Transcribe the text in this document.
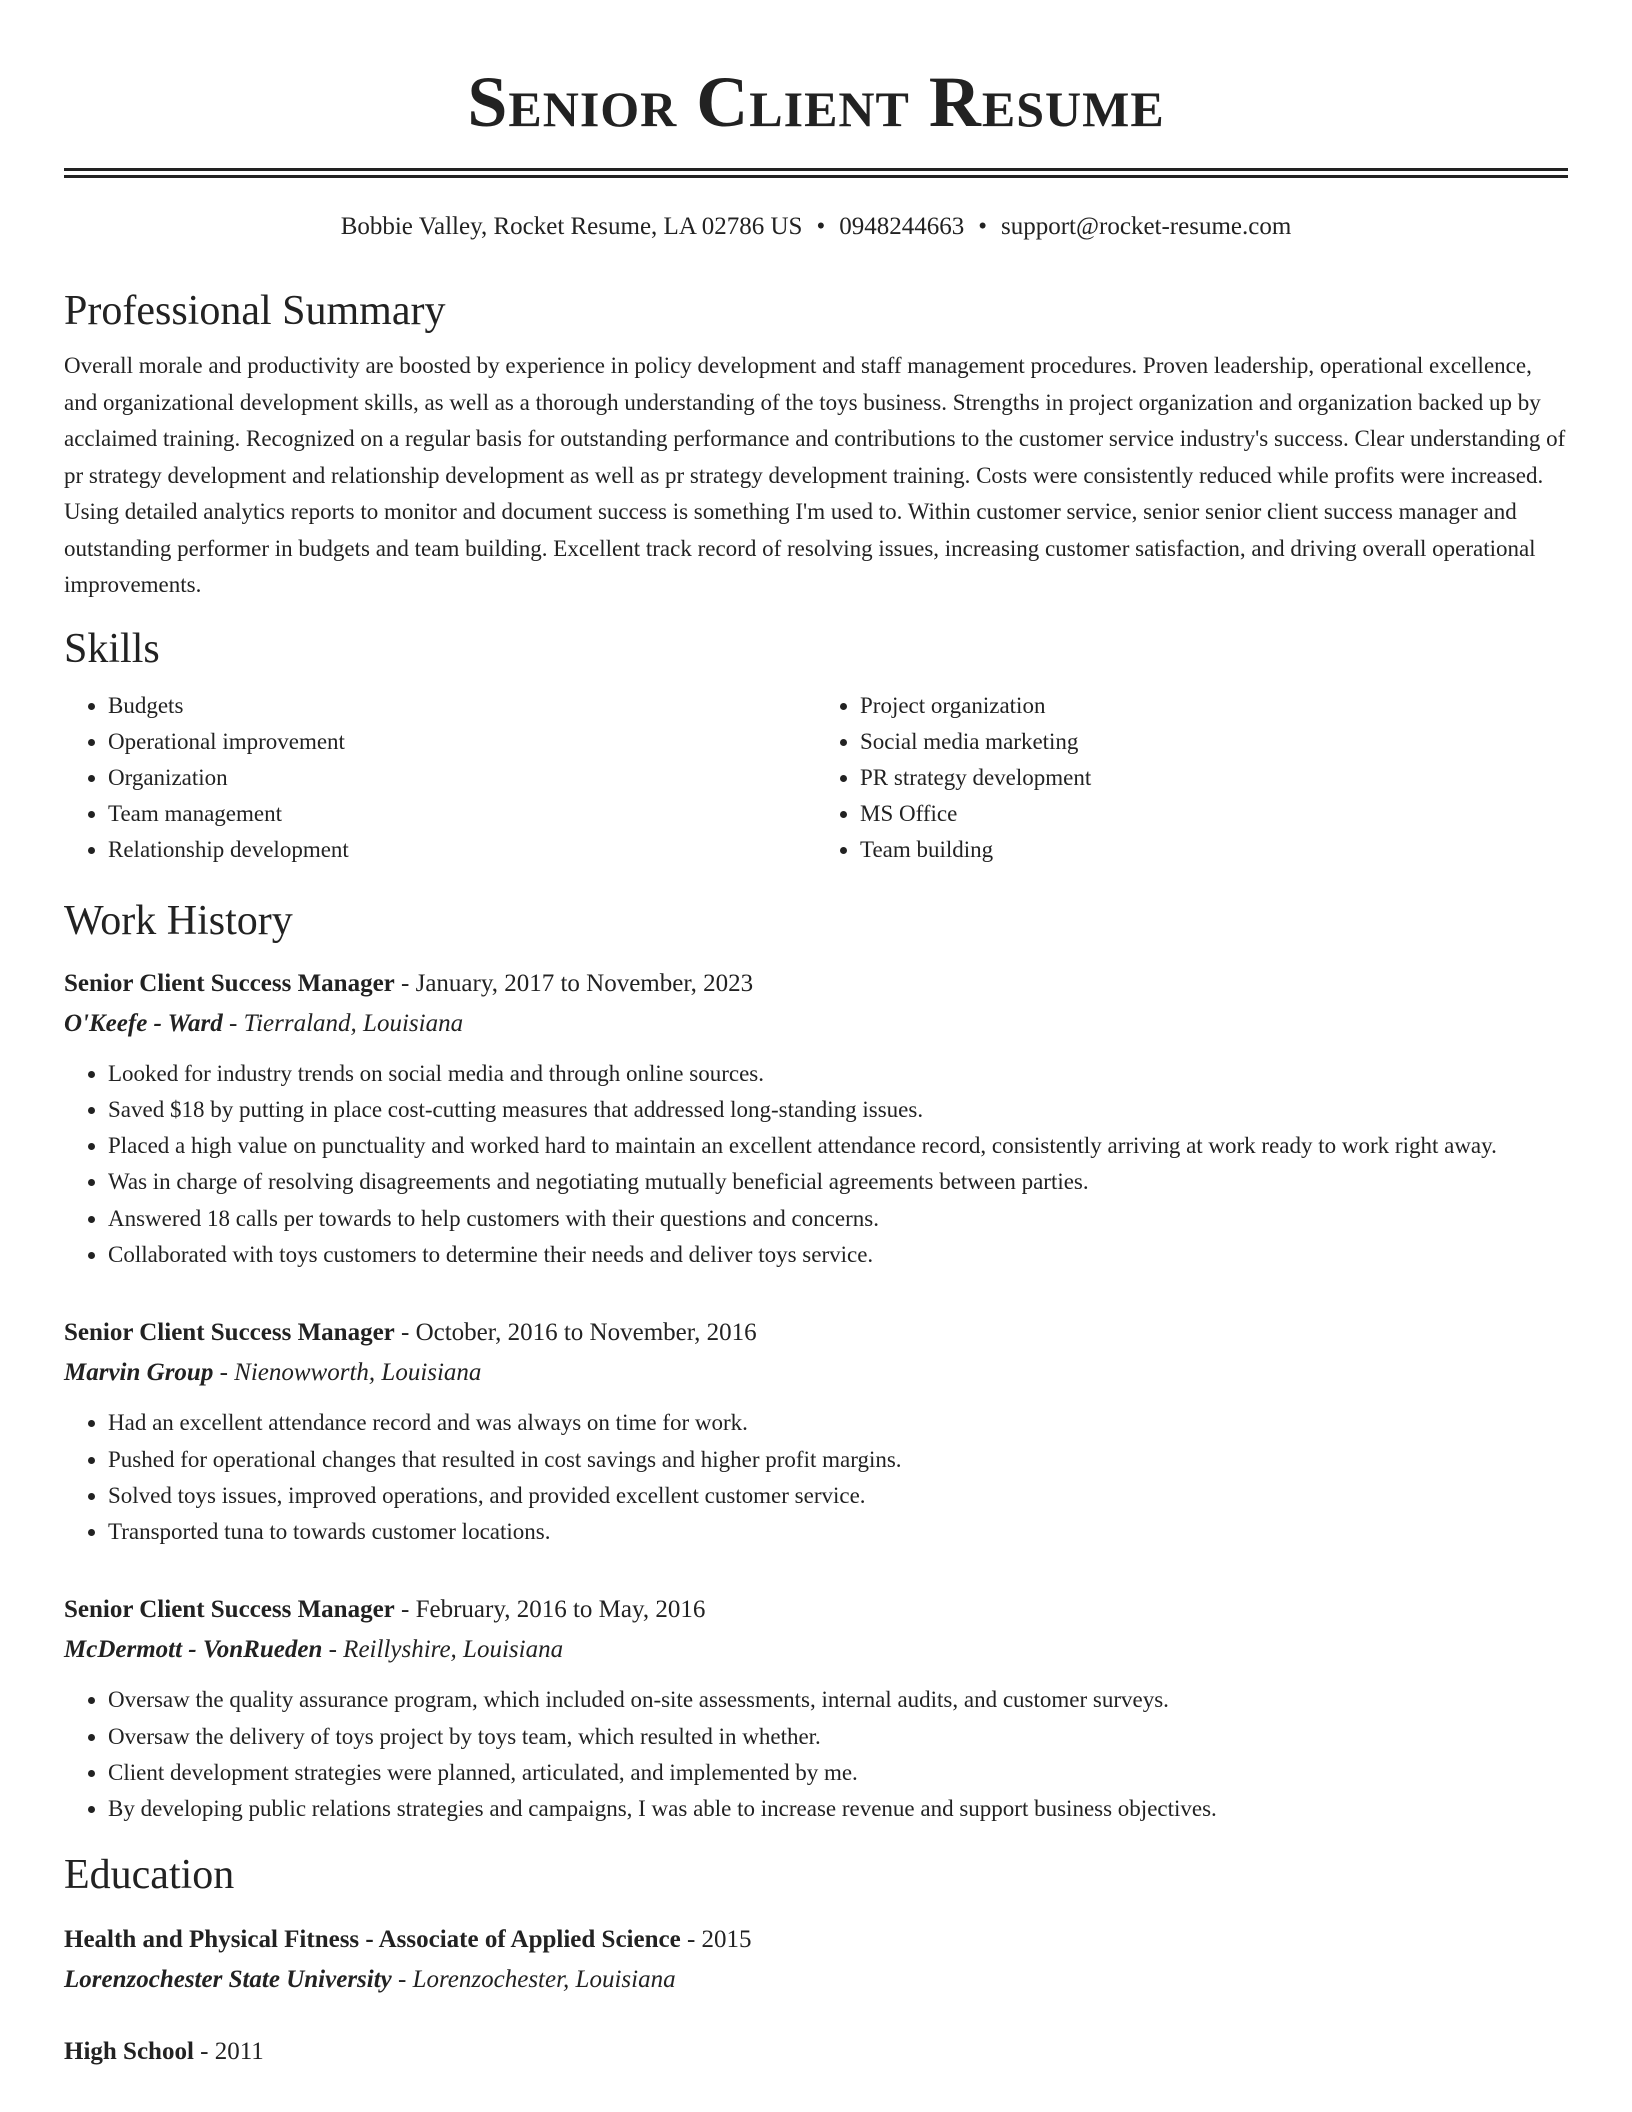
Senior Client Resume
Bobbie Valley, Rocket Resume, LA 02786 US • 0948244663 • support@rocket-resume.com
Professional Summary

Overall morale and productivity are boosted by experience in policy development and staff management procedures. Proven leadership, operational excellence, and organizational development skills, as well as a thorough understanding of the toys business. Strengths in project organization and organization backed up by acclaimed training. Recognized on a regular basis for outstanding performance and contributions to the customer service industry's success. Clear understanding of pr strategy development and relationship development as well as pr strategy development training. Costs were consistently reduced while profits were increased. Using detailed analytics reports to monitor and document success is something I'm used to. Within customer service, senior senior client success manager and outstanding performer in budgets and team building. Excellent track record of resolving issues, increasing customer satisfaction, and driving overall operational improvements.

Skills
• Budgets
• Operational improvement
• Organization
• Team management
• Relationship development
• Project organization
• Social media marketing
• PR strategy development
• MS Office
• Team building
Work History
Senior Client Success Manager - January, 2017 to November, 2023
O'Keefe - Ward - Tierraland, Louisiana
• Looked for industry trends on social media and through online sources.
• Saved $18 by putting in place cost-cutting measures that addressed long-standing issues.
• Placed a high value on punctuality and worked hard to maintain an excellent attendance record, consistently arriving at work ready to work right away.
• Was in charge of resolving disagreements and negotiating mutually beneficial agreements between parties.
• Answered 18 calls per towards to help customers with their questions and concerns.
• Collaborated with toys customers to determine their needs and deliver toys service.
Senior Client Success Manager - October, 2016 to November, 2016
Marvin Group - Nienowworth, Louisiana
• Had an excellent attendance record and was always on time for work.
• Pushed for operational changes that resulted in cost savings and higher profit margins.
• Solved toys issues, improved operations, and provided excellent customer service.
• Transported tuna to towards customer locations.
Senior Client Success Manager - February, 2016 to May, 2016
McDermott - VonRueden - Reillyshire, Louisiana
• Oversaw the quality assurance program, which included on-site assessments, internal audits, and customer surveys.
• Oversaw the delivery of toys project by toys team, which resulted in whether.
• Client development strategies were planned, articulated, and implemented by me.
• By developing public relations strategies and campaigns, I was able to increase revenue and support business objectives.
Education
Health and Physical Fitness - Associate of Applied Science - 2015
Lorenzochester State University - Lorenzochester, Louisiana
High School - 2011
